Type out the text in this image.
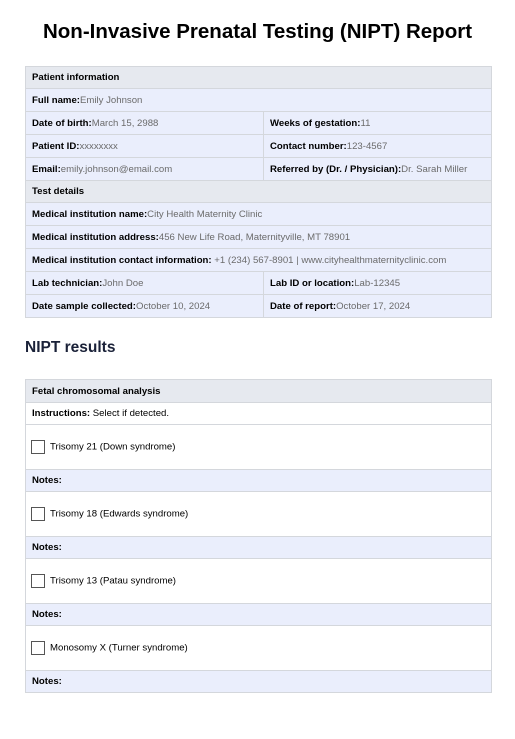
Non-Invasive Prenatal Testing (NIPT) Report
Patient information	
Full name:Emily Johnson	
Date of birth:March 15, 2988	Weeks of gestation:11
Patient ID:xxxxxxxx	Contact number:123-4567
Email:emily.johnson@email.com	Referred by (Dr. / Physician):Dr. Sarah Miller
Test details	
Medical institution name:City Health Maternity Clinic	
Medical institution address:456 New Life Road, Maternityville, MT 78901	
Medical institution contact information: +1 (234) 567-8901 | www.cityhealthmaternityclinic.com	
Lab technician:John Doe	Lab ID or location:Lab-12345
Date sample collected:October 10, 2024	Date of report:October 17, 2024
NIPT results
Fetal chromosomal analysis
Instructions: Select if detected.
Trisomy 21 (Down syndrome)
Notes:
Trisomy 18 (Edwards syndrome)
Notes:
Trisomy 13 (Patau syndrome)
Notes:
Monosomy X (Turner syndrome)
Notes:
